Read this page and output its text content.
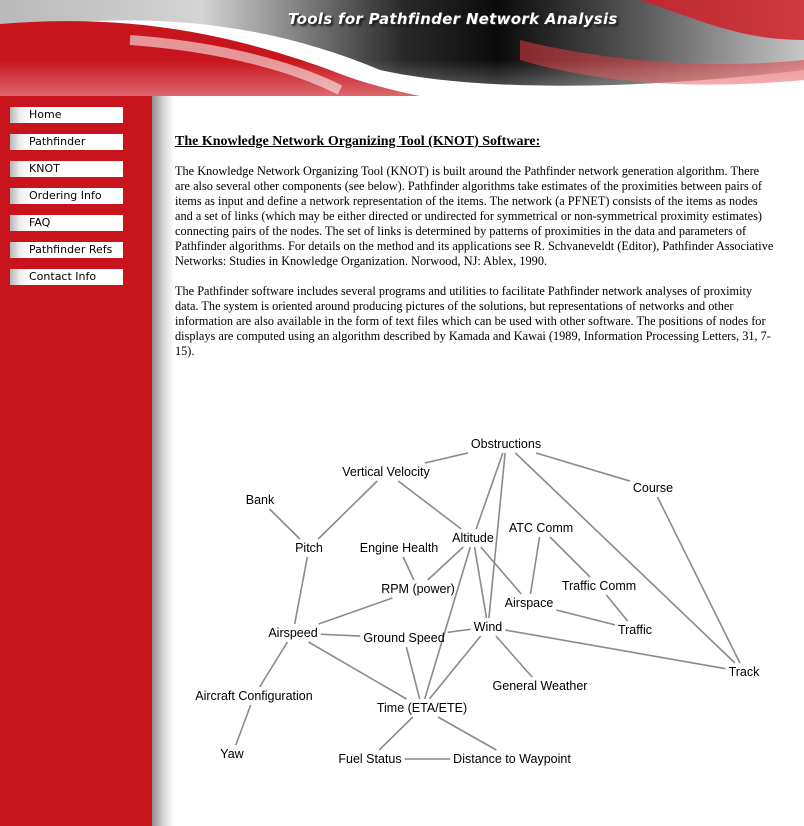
Tools for Pathfinder Network Analysis
Home
Pathfinder
KNOT
Ordering Info
FAQ
Pathfinder Refs
Contact Info
The Knowledge Network Organizing Tool (KNOT) Software:

The Knowledge Network Organizing Tool (KNOT) is built around the Pathfinder network generation algorithm. There are also several other components (see below). Pathfinder algorithms take estimates of the proximities between pairs of items as input and define a network representation of the items. The network (a PFNET) consists of the items as nodes and a set of links (which may be either directed or undirected for symmetrical or non-symmetrical proximity estimates) connecting pairs of the nodes. The set of links is determined by patterns of proximities in the data and parameters of Pathfinder algorithms. For details on the method and its applications see R. Schvaneveldt (Editor), Pathfinder Associative Networks: Studies in Knowledge Organization. Norwood, NJ: Ablex, 1990.

The Pathfinder software includes several programs and utilities to facilitate Pathfinder network analyses of proximity data. The system is oriented around producing pictures of the solutions, but representations of networks and other information are also available in the form of text files which can be used with other software. The positions of nodes for displays are computed using an algorithm described by Kamada and Kawai (1989, Information Processing Letters, 31, 7-15).

Obstructions
Vertical Velocity
Course
Bank
ATC Comm
Pitch	Engine Health
Altitude
Traffic Comm
RPM (power)
Airspace
Airspeed	Ground Speed
Wind	Traffic
Track
General Weather
Aircraft Configuration
Time (ETA/ETE)
Yaw	Fuel Status	Distance to Waypoint
